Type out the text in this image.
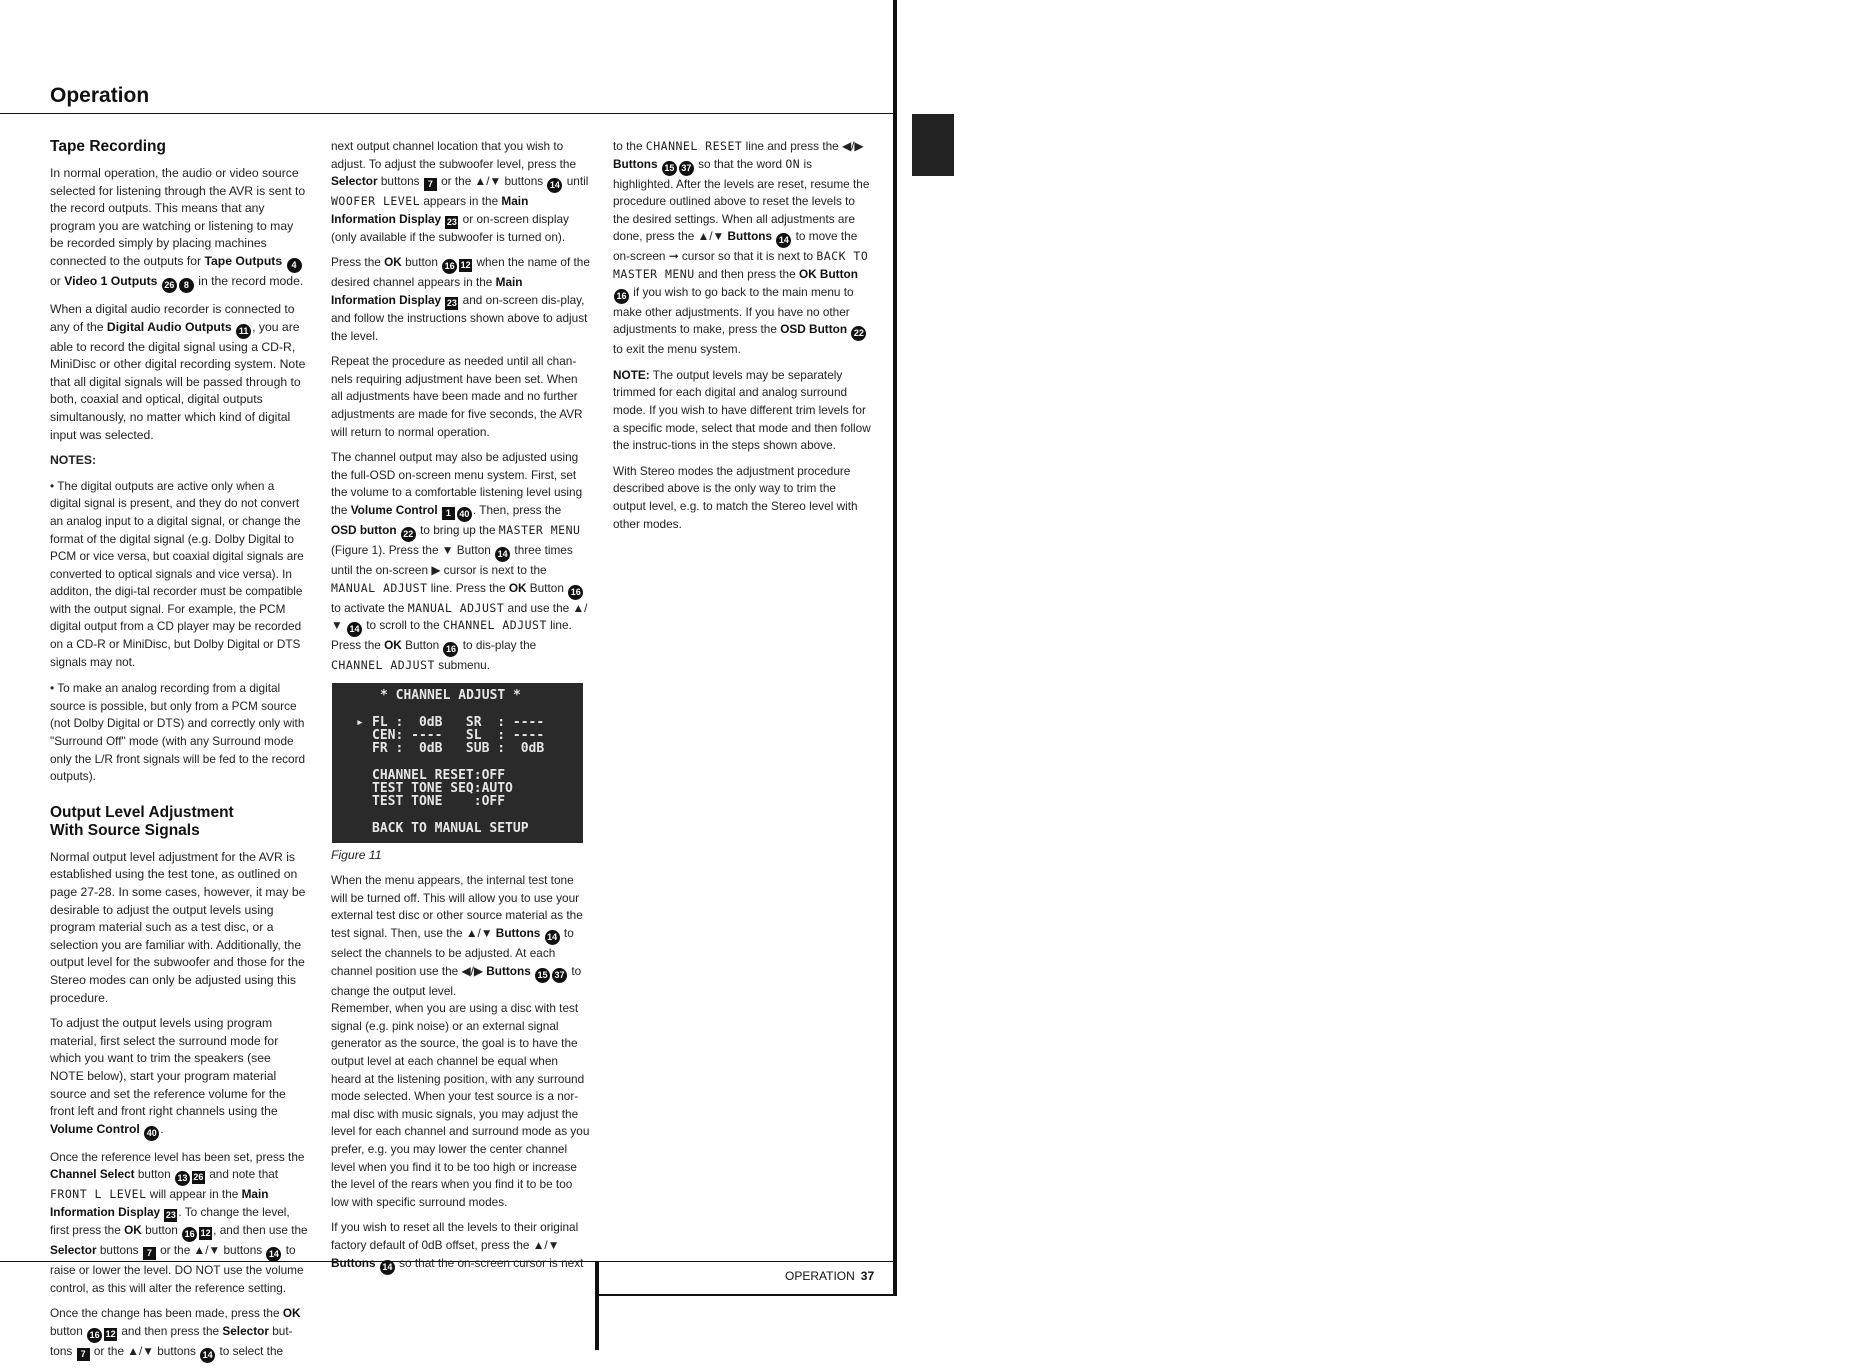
Operation
ENGLISH
OPERATION 37
Tape Recording

In normal operation, the audio or video source selected for listening through the AVR is sent to the record outputs. This means that any program you are watching or listening to may be recorded simply by placing machines connected to the outputs for Tape Outputs 4 or Video 1 Outputs 26 8 in the record mode.

When a digital audio recorder is connected to any of the Digital Audio Outputs 11 , you are able to record the digital signal using a CD-R, MiniDisc or other digital recording system. Note that all digital signals will be passed through to both, coaxial and optical, digital outputs simultanously, no matter which kind of digital input was selected.

NOTES:

• The digital outputs are active only when a digital signal is present, and they do not convert an analog input to a digital signal, or change the format of the digital signal (e.g. Dolby Digital to PCM or vice versa, but coaxial digital signals are converted to optical signals and vice versa). In additon, the digi-tal recorder must be compatible with the output signal. For example, the PCM digital output from a CD player may be recorded on a CD-R or MiniDisc, but Dolby Digital or DTS signals may not.

• To make an analog recording from a digital source is possible, but only from a PCM source (not Dolby Digital or DTS) and correctly only with "Surround Off" mode (with any Surround mode only the L/R front signals will be fed to the record outputs).

Output Level Adjustment
With Source Signals

Normal output level adjustment for the AVR is established using the test tone, as outlined on page 27-28. In some cases, however, it may be desirable to adjust the output levels using program material such as a test disc, or a selection you are familiar with. Additionally, the output level for the subwoofer and those for the Stereo modes can only be adjusted using this procedure.

To adjust the output levels using program material, first select the surround mode for which you want to trim the speakers (see NOTE below), start your program material source and set the reference volume for the front left and front right channels using the Volume Control 40 .

Once the reference level has been set, press the Channel Select button 13 26 and note that FRONT L LEVEL will appear in the Main Information Display 23 . To change the level, first press the OK button 16 12 , and then use the Selector buttons 7 or the ▲/▼ buttons 14 to raise or lower the level. DO NOT use the volume control, as this will alter the reference setting.

Once the change has been made, press the OK button 16 12 and then press the Selector but-tons 7 or the ▲/▼ buttons 14 to select the

next output channel location that you wish to adjust. To adjust the subwoofer level, press the Selector buttons 7 or the ▲/▼ buttons 14 until WOOFER LEVEL appears in the Main Information Display 23 or on-screen display (only available if the subwoofer is turned on).

Press the OK button 16 12 when the name of the desired channel appears in the Main Information Display 23 and on-screen dis-play, and follow the instructions shown above to adjust the level.

Repeat the procedure as needed until all chan-nels requiring adjustment have been set. When all adjustments have been made and no further adjustments are made for five seconds, the AVR will return to normal operation.

The channel output may also be adjusted using the full-OSD on-screen menu system. First, set the volume to a comfortable listening level using the Volume Control 1 40 . Then, press the OSD button 22 to bring up the MASTER MENU (Figure 1). Press the ▼ Button 14 three times until the on-screen ▶ cursor is next to the MANUAL ADJUST line. Press the OK Button 16 to activate the MANUAL ADJUST and use the ▲/▼ 14 to scroll to the CHANNEL ADJUST line. Press the OK Button 16 to dis-play the CHANNEL ADJUST submenu.

* CHANNEL ADJUST *
▸ FL :  0dB   SR  : ----
CEN: ----   SL  : ----
FR :  0dB   SUB :  0dB
CHANNEL RESET:OFF
TEST TONE SEQ:AUTO
TEST TONE    :OFF
BACK TO MANUAL SETUP

Figure 11

When the menu appears, the internal test tone will be turned off. This will allow you to use your external test disc or other source material as the test signal. Then, use the ▲/▼ Buttons 14 to select the channels to be adjusted. At each channel position use the ◀/▶ Buttons 15 37 to change the output level.

Remember, when you are using a disc with test signal (e.g. pink noise) or an external signal generator as the source, the goal is to have the output level at each channel be equal when heard at the listening position, with any surround mode selected. When your test source is a nor-mal disc with music signals, you may adjust the level for each channel and surround mode as you prefer, e.g. you may lower the center channel level when you find it to be too high or increase the level of the rears when you find it to be too low with specific surround modes.

If you wish to reset all the levels to their original factory default of 0dB offset, press the ▲/▼ Buttons 14 so that the on-screen cursor is next

to the CHANNEL RESET line and press the ◀/▶ Buttons 15 37 so that the word ON is highlighted. After the levels are reset, resume the procedure outlined above to reset the levels to the desired settings. When all adjustments are done, press the ▲/▼ Buttons 14 to move the on-screen ➞ cursor so that it is next to BACK TO MASTER MENU and then press the OK Button 16 if you wish to go back to the main menu to make other adjustments. If you have no other adjustments to make, press the OSD Button 22 to exit the menu system.

NOTE: The output levels may be separately trimmed for each digital and analog surround mode. If you wish to have different trim levels for a specific mode, select that mode and then follow the instruc-tions in the steps shown above.

With Stereo modes the adjustment procedure described above is the only way to trim the output level, e.g. to match the Stereo level with other modes.
